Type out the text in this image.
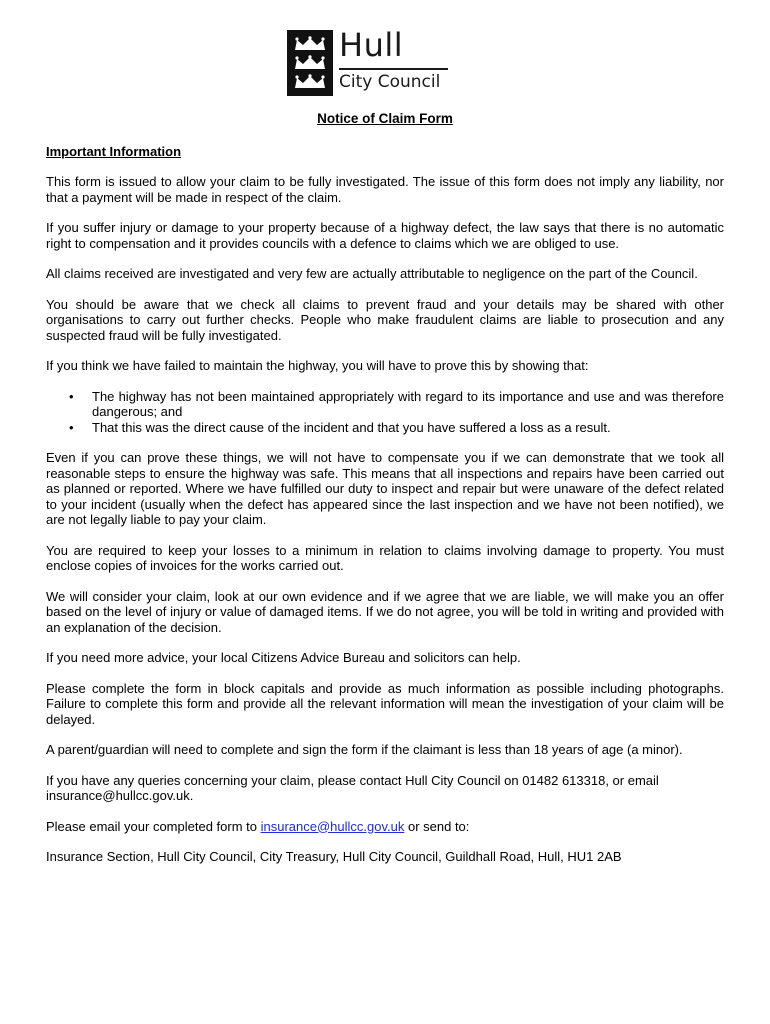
Hull
City Council
Notice of Claim Form
Important Information

This form is issued to allow your claim to be fully investigated. The issue of this form does not imply any liability, nor that a payment will be made in respect of the claim.

If you suffer injury or damage to your property because of a highway defect, the law says that there is no automatic right to compensation and it provides councils with a defence to claims which we are obliged to use.

All claims received are investigated and very few are actually attributable to negligence on the part of the Council.

You should be aware that we check all claims to prevent fraud and your details may be shared with other organisations to carry out further checks. People who make fraudulent claims are liable to prosecution and any suspected fraud will be fully investigated.

If you think we have failed to maintain the highway, you will have to prove this by showing that:

• The highway has not been maintained appropriately with regard to its importance and use and was therefore dangerous; and
• That this was the direct cause of the incident and that you have suffered a loss as a result.

Even if you can prove these things, we will not have to compensate you if we can demonstrate that we took all reasonable steps to ensure the highway was safe. This means that all inspections and repairs have been carried out as planned or reported. Where we have fulfilled our duty to inspect and repair but were unaware of the defect related to your incident (usually when the defect has appeared since the last inspection and we have not been notified), we are not legally liable to pay your claim.

You are required to keep your losses to a minimum in relation to claims involving damage to property. You must enclose copies of invoices for the works carried out.

We will consider your claim, look at our own evidence and if we agree that we are liable, we will make you an offer based on the level of injury or value of damaged items. If we do not agree, you will be told in writing and provided with an explanation of the decision.

If you need more advice, your local Citizens Advice Bureau and solicitors can help.

Please complete the form in block capitals and provide as much information as possible including photographs. Failure to complete this form and provide all the relevant information will mean the investigation of your claim will be delayed.

A parent/guardian will need to complete and sign the form if the claimant is less than 18 years of age (a minor).

If you have any queries concerning your claim, please contact Hull City Council on 01482 613318, or email insurance@hullcc.gov.uk.

Please email your completed form to insurance@hullcc.gov.uk or send to:

Insurance Section, Hull City Council, City Treasury, Hull City Council, Guildhall Road, Hull, HU1 2AB
